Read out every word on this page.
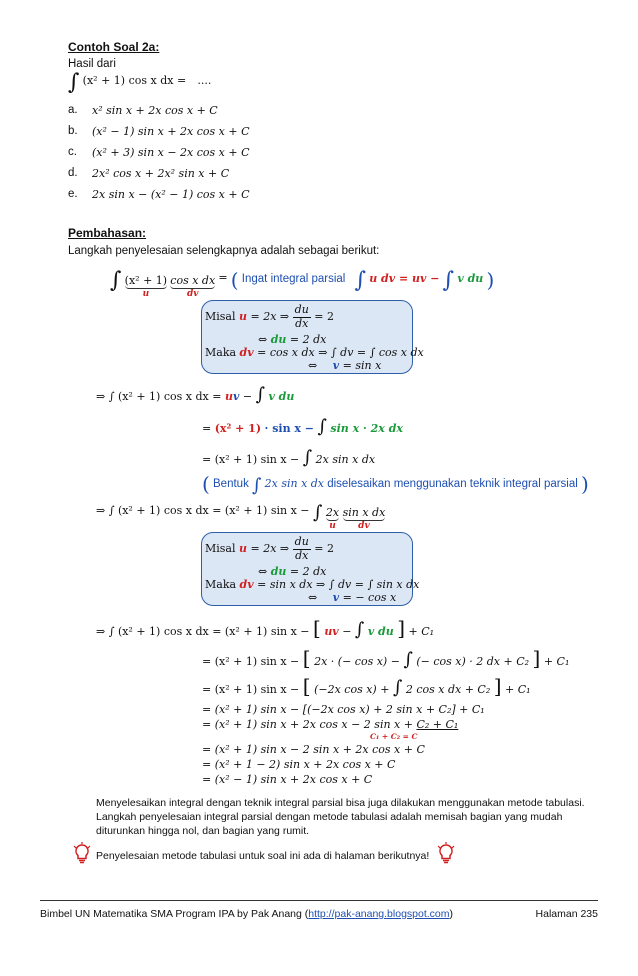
Contoh Soal 2a:
Hasil dari
∫ (x² + 1) cos x dx = ....
a. x² sin x + 2x cos x + C
b. (x² − 1) sin x + 2x cos x + C
c. (x² + 3) sin x − 2x cos x + C
d. 2x² cos x + 2x² sin x + C
e. 2x sin x − (x² − 1) cos x + C
Pembahasan:
Langkah penyelesaian selengkapnya adalah sebagai berikut:
∫ (x² + 1)
u

cos x dx
dv
= ( Ingat integral parsial ∫ u dv = uv − ∫ v du )
Misal u = 2x ⇒ $\frac{du}{dx} = 2$
⇔ du = 2 dx
Maka dv = cos x dx ⇒ ∫ dv = ∫ cos x dx
⇔ v = sin x
⇒ ∫ (x² + 1) cos x dx = uv − ∫ v du
= (x² + 1) · sin x − ∫ sin x · 2x dx
= (x² + 1) sin x − ∫ 2x sin x dx
( Bentuk ∫ 2x sin x dx diselesaikan menggunakan teknik integral parsial )
⇒ ∫ (x² + 1) cos x dx = (x² + 1) sin x − ∫ 2x
u

sin x dx
dv
Misal u = 2x ⇒ $\frac{du}{dx} = 2$
⇔ du = 2 dx
Maka dv = sin x dx ⇒ ∫ dv = ∫ sin x dx
⇔ v = − cos x
⇒ ∫ (x² + 1) cos x dx = (x² + 1) sin x − [ uv − ∫ v du ] + C₁
= (x² + 1) sin x − [ 2x · (− cos x) − ∫ (− cos x) · 2 dx + C₂ ] + C₁
= (x² + 1) sin x − [ (−2x cos x) + ∫ 2 cos x dx + C₂ ] + C₁
= (x² + 1) sin x − [(−2x cos x) + 2 sin x + C₂] + C₁
= (x² + 1) sin x + 2x cos x − 2 sin x + C₂ + C₁
C₁ + C₂ = C
= (x² + 1) sin x − 2 sin x + 2x cos x + C
= (x² + 1 − 2) sin x + 2x cos x + C
= (x² − 1) sin x + 2x cos x + C
Menyelesaikan integral dengan teknik integral parsial bisa juga dilakukan menggunakan metode tabulasi.
Langkah penyelesaian integral parsial dengan metode tabulasi adalah memisah bagian yang mudah
diturunkan hingga nol, dan bagian yang rumit.
Penyelesaian metode tabulasi untuk soal ini ada di halaman berikutnya!
Bimbel UN Matematika SMA Program IPA by Pak Anang (http://pak-anang.blogspot.com)	Halaman 235
